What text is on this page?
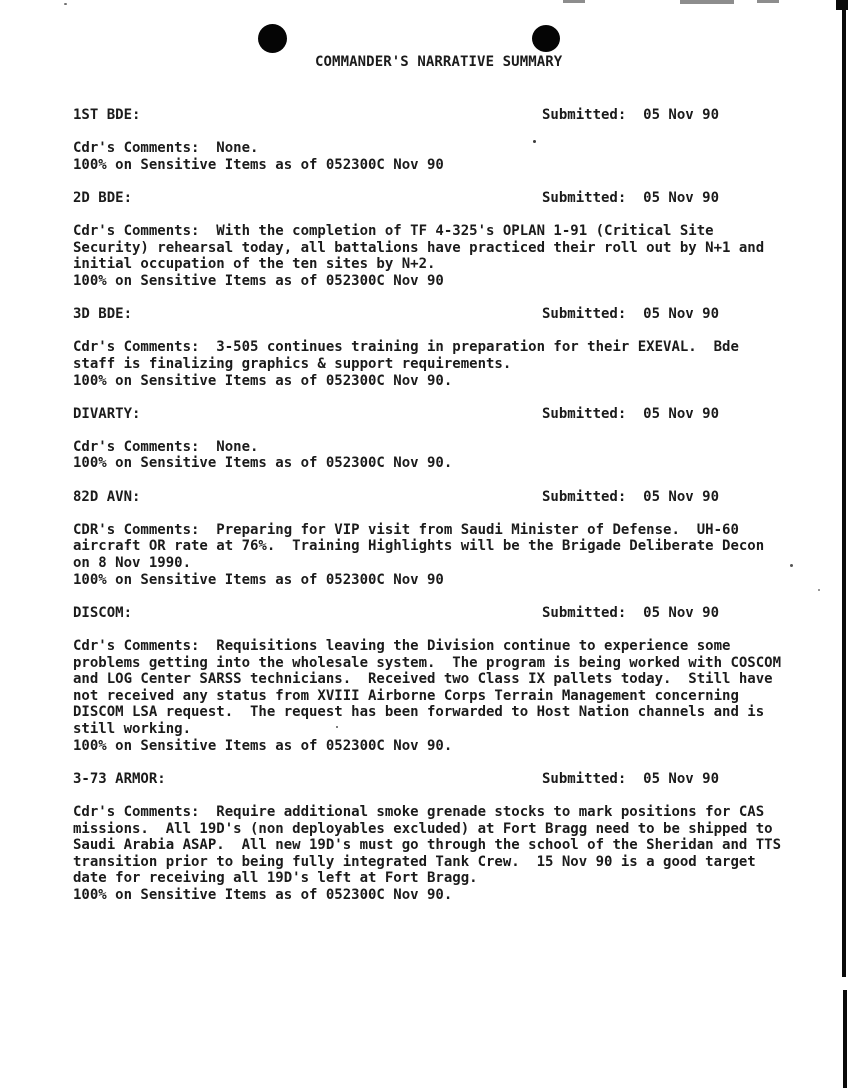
COMMANDER'S NARRATIVE SUMMARY
1ST BDE:	Submitted:  05 Nov 90
Cdr's Comments:  None.
100% on Sensitive Items as of 052300C Nov 90
2D BDE:	Submitted:  05 Nov 90
Cdr's Comments:  With the completion of TF 4-325's OPLAN 1-91 (Critical Site
Security) rehearsal today, all battalions have practiced their roll out by N+1 and
initial occupation of the ten sites by N+2.
100% on Sensitive Items as of 052300C Nov 90
3D BDE:	Submitted:  05 Nov 90
Cdr's Comments:  3-505 continues training in preparation for their EXEVAL.  Bde
staff is finalizing graphics & support requirements.
100% on Sensitive Items as of 052300C Nov 90.
DIVARTY:	Submitted:  05 Nov 90
Cdr's Comments:  None.
100% on Sensitive Items as of 052300C Nov 90.
82D AVN:	Submitted:  05 Nov 90
CDR's Comments:  Preparing for VIP visit from Saudi Minister of Defense.  UH-60
aircraft OR rate at 76%.  Training Highlights will be the Brigade Deliberate Decon
on 8 Nov 1990.
100% on Sensitive Items as of 052300C Nov 90
DISCOM:	Submitted:  05 Nov 90
Cdr's Comments:  Requisitions leaving the Division continue to experience some
problems getting into the wholesale system.  The program is being worked with COSCOM
and LOG Center SARSS technicians.  Received two Class IX pallets today.  Still have
not received any status from XVIII Airborne Corps Terrain Management concerning
DISCOM LSA request.  The request has been forwarded to Host Nation channels and is
still working.
100% on Sensitive Items as of 052300C Nov 90.
3-73 ARMOR:	Submitted:  05 Nov 90
Cdr's Comments:  Require additional smoke grenade stocks to mark positions for CAS
missions.  All 19D's (non deployables excluded) at Fort Bragg need to be shipped to
Saudi Arabia ASAP.  All new 19D's must go through the school of the Sheridan and TTS
transition prior to being fully integrated Tank Crew.  15 Nov 90 is a good target
date for receiving all 19D's left at Fort Bragg.
100% on Sensitive Items as of 052300C Nov 90.
